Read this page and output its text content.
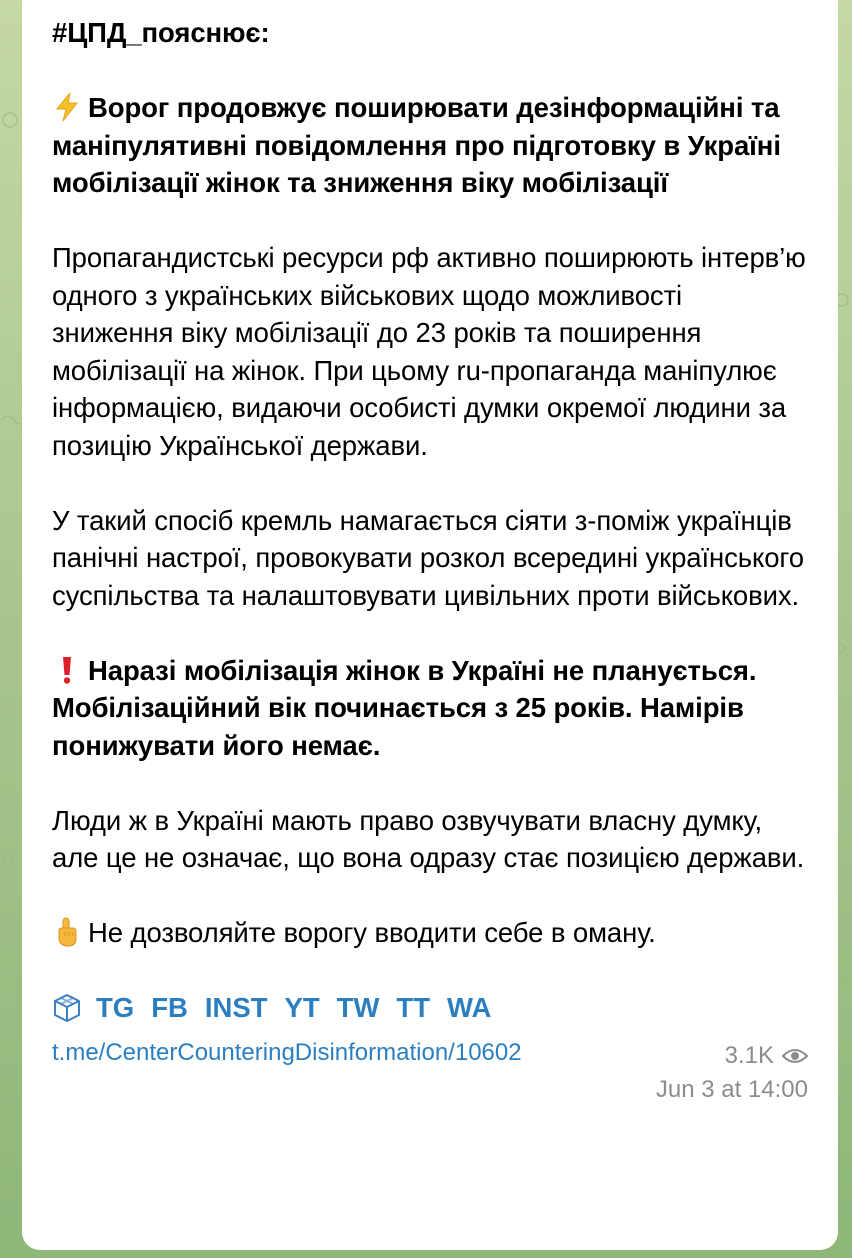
#ЦПД_пояснює:

Ворог продовжує поширювати дезінформаційні та маніпулятивні повідомлення про підготовку в Україні мобілізації жінок та зниження віку мобілізації

Пропагандистські ресурси рф активно поширюють інтерв’ю одного з українських військових щодо можливості зниження віку мобілізації до 23 років та поширення мобілізації на жінок. При цьому ru-пропаганда маніпулює інформацією, видаючи особисті думки окремої людини за позицію Української держави.

У такий спосіб кремль намагається сіяти з-поміж українців панічні настрої, провокувати розкол всередині українського суспільства та налаштовувати цивільних проти військових.

Наразі мобілізація жінок в Україні не планується. Мобілізаційний вік починається з 25 років. Намірів понижувати його немає.

Люди ж в Україні мають право озвучувати власну думку, але це не означає, що вона одразу стає позицією держави.

Не дозволяйте ворогу вводити себе в оману.

TG FB INST YT TW TT WA
t.me/CenterCounteringDisinformation/10602	3.1K
Jun 3 at 14:00
